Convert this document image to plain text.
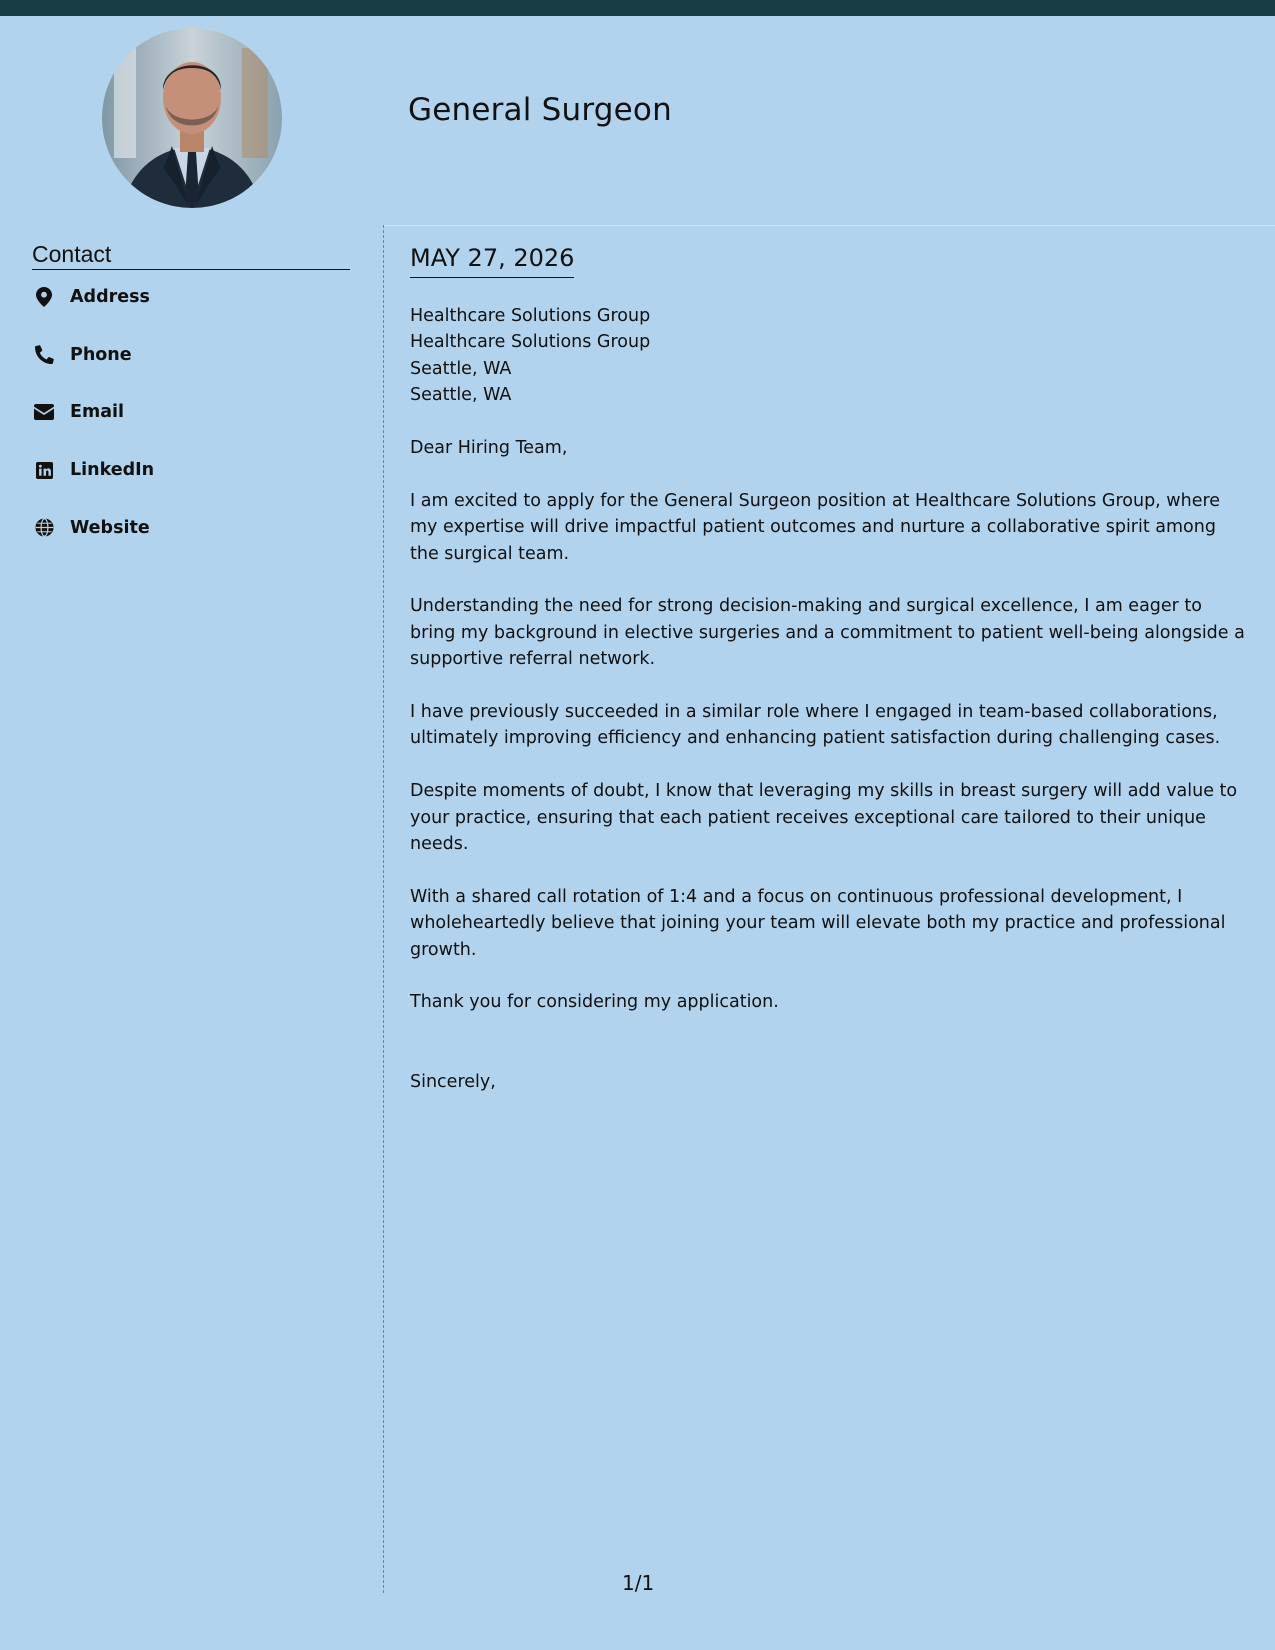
General Surgeon
Contact
Address
Phone
Email
LinkedIn
Website
MAY 27, 2026
Healthcare Solutions Group
Healthcare Solutions Group
Seattle, WA
Seattle, WA

Dear Hiring Team,

I am excited to apply for the General Surgeon position at Healthcare Solutions Group, where my expertise will drive impactful patient outcomes and nurture a collaborative spirit among the surgical team.

Understanding the need for strong decision-making and surgical excellence, I am eager to bring my background in elective surgeries and a commitment to patient well-being alongside a supportive referral network.

I have previously succeeded in a similar role where I engaged in team-based collaborations, ultimately improving efficiency and enhancing patient satisfaction during challenging cases.

Despite moments of doubt, I know that leveraging my skills in breast surgery will add value to your practice, ensuring that each patient receives exceptional care tailored to their unique needs.

With a shared call rotation of 1:4 and a focus on continuous professional development, I wholeheartedly believe that joining your team will elevate both my practice and professional growth.

Thank you for considering my application.

Sincerely,

1/1
